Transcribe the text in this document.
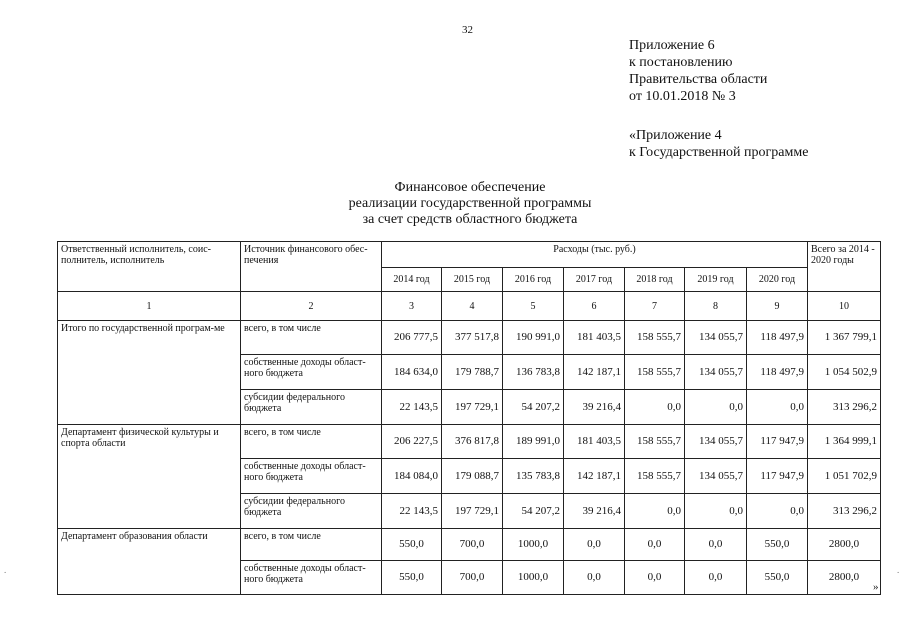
32
Приложение 6
к постановлению
Правительства области
от 10.01.2018 № 3
«Приложение 4
к Государственной программе
Финансовое обеспечение
реализации государственной программы
за счет средств областного бюджета
Ответственный исполнитель, соис-полнитель, исполнитель	Источник финансового обес-печения	Расходы (тыс. руб.)							Всего за 2014 - 2020 годы
		2014 год	2015 год	2016 год	2017 год	2018 год	2019 год	2020 год	
1	2	3	4	5	6	7	8	9	10
Итого по государственной програм-ме	всего, в том числе	206 777,5	377 517,8	190 991,0	181 403,5	158 555,7	134 055,7	118 497,9	1 367 799,1
	собственные доходы област-ного бюджета	184 634,0	179 788,7	136 783,8	142 187,1	158 555,7	134 055,7	118 497,9	1 054 502,9
	субсидии федерального бюджета	22 143,5	197 729,1	54 207,2	39 216,4	0,0	0,0	0,0	313 296,2
Департамент физической культуры и спорта области	всего, в том числе	206 227,5	376 817,8	189 991,0	181 403,5	158 555,7	134 055,7	117 947,9	1 364 999,1
	собственные доходы област-ного бюджета	184 084,0	179 088,7	135 783,8	142 187,1	158 555,7	134 055,7	117 947,9	1 051 702,9
	субсидии федерального бюджета	22 143,5	197 729,1	54 207,2	39 216,4	0,0	0,0	0,0	313 296,2
Департамент образования области	всего, в том числе	550,0	700,0	1000,0	0,0	0,0	0,0	550,0	2800,0
	собственные доходы област-ного бюджета	550,0	700,0	1000,0	0,0	0,0	0,0	550,0	2800,0
»
.	.
